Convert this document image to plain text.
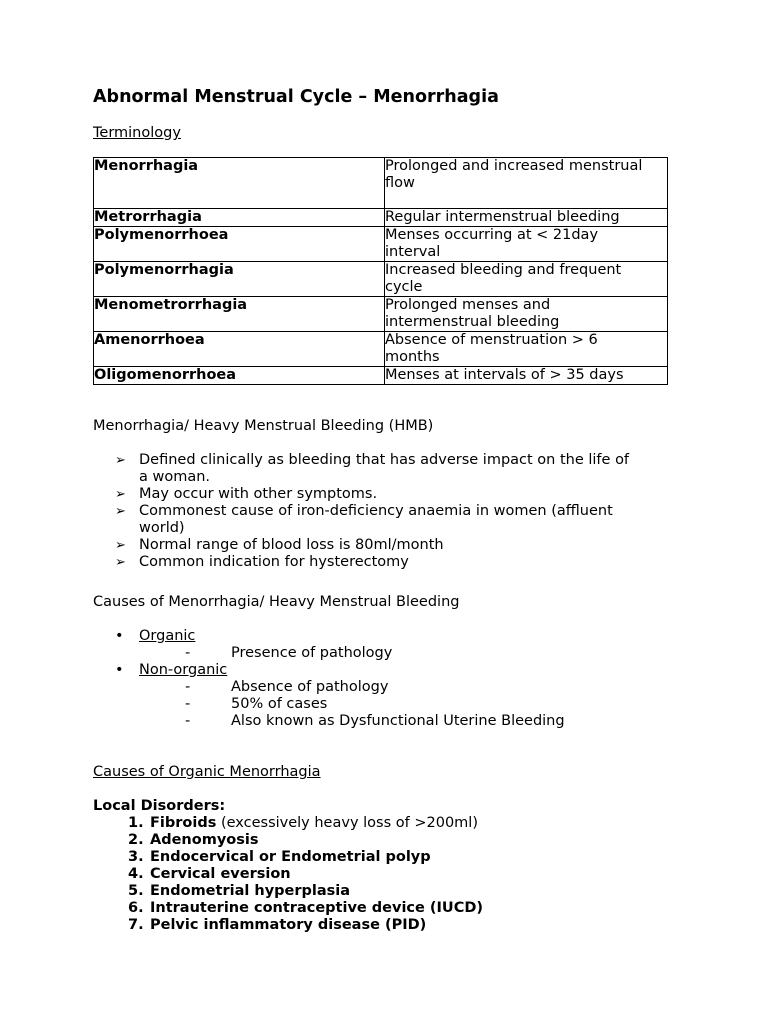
Abnormal Menstrual Cycle – Menorrhagia
Terminology
Menorrhagia	Prolonged and increased menstrual
flow

Metrorrhagia	Regular intermenstrual bleeding

Polymenorrhoea	Menses occurring at < 21day
interval

Polymenorrhagia	Increased bleeding and frequent
cycle

Menometrorrhagia	Prolonged menses and
intermenstrual bleeding

Amenorrhoea	Absence of menstruation > 6
months

Oligomenorrhoea	Menses at intervals of > 35 days
Menorrhagia/ Heavy Menstrual Bleeding (HMB)
➢ Defined clinically as bleeding that has adverse impact on the life of
a woman.
➢ May occur with other symptoms.
➢ Commonest cause of iron-deficiency anaemia in women (affluent
world)
➢ Normal range of blood loss is 80ml/month
➢ Common indication for hysterectomy
Causes of Menorrhagia/ Heavy Menstrual Bleeding
• Organic
-	Presence of pathology
• Non-organic
-	Absence of pathology
-	50% of cases
-	Also known as Dysfunctional Uterine Bleeding
Causes of Organic Menorrhagia
Local Disorders:
1. Fibroids (excessively heavy loss of >200ml)
2. Adenomyosis
3. Endocervical or Endometrial polyp
4. Cervical eversion
5. Endometrial hyperplasia
6. Intrauterine contraceptive device (IUCD)
7. Pelvic inflammatory disease (PID)
